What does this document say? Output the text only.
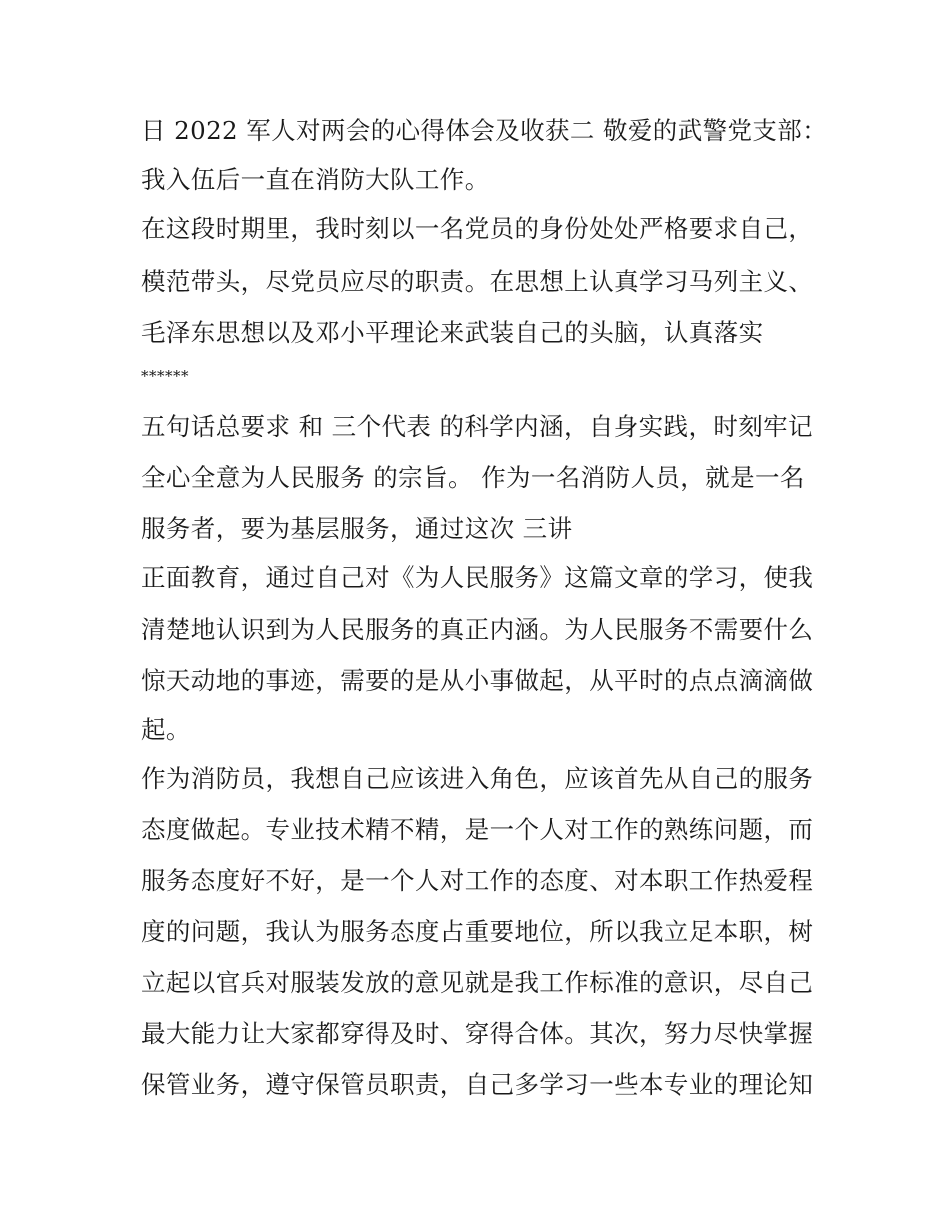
日 2022 军人对两会的心得体会及收获二 敬爱的武警党支部：
我入伍后一直在消防大队工作。
在这段时期里，我时刻以一名党员的身份处处严格要求自己，
模范带头，尽党员应尽的职责。在思想上认真学习马列主义、
毛泽东思想以及邓小平理论来武装自己的头脑，认真落实
******
五句话总要求 和 三个代表 的科学内涵，自身实践，时刻牢记
全心全意为人民服务 的宗旨。 作为一名消防人员，就是一名
服务者，要为基层服务，通过这次 三讲
正面教育，通过自己对《为人民服务》这篇文章的学习，使我
清楚地认识到为人民服务的真正内涵。为人民服务不需要什么
惊天动地的事迹，需要的是从小事做起，从平时的点点滴滴做
起。
作为消防员，我想自己应该进入角色，应该首先从自己的服务
态度做起。专业技术精不精，是一个人对工作的熟练问题，而
服务态度好不好，是一个人对工作的态度、对本职工作热爱程
度的问题，我认为服务态度占重要地位，所以我立足本职，树
立起以官兵对服装发放的意见就是我工作标准的意识，尽自己
最大能力让大家都穿得及时、穿得合体。其次，努力尽快掌握
保管业务，遵守保管员职责，自己多学习一些本专业的理论知
